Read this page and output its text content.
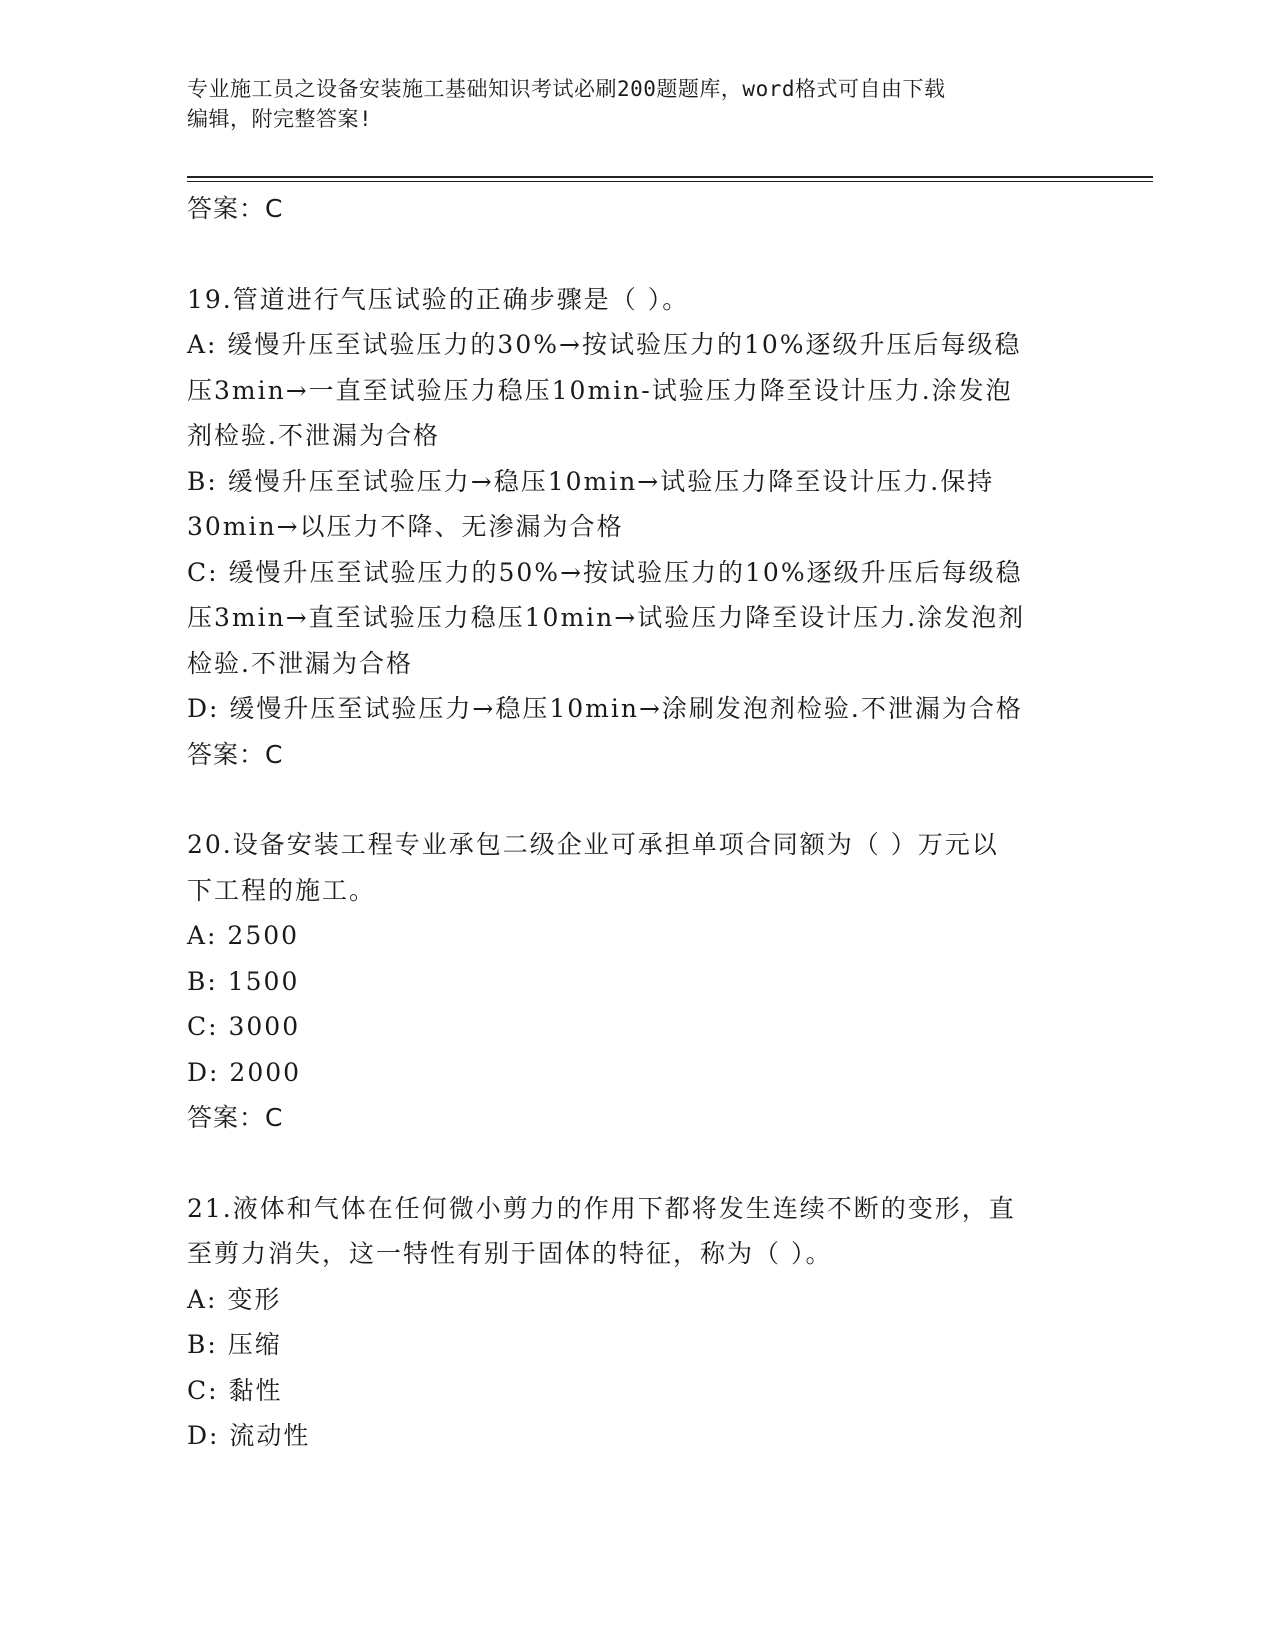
专业施工员之设备安装施工基础知识考试必刷200题题库，word格式可自由下载
编辑，附完整答案!
答案：C
19.管道进行气压试验的正确步骤是（ ）。
A: 缓慢升压至试验压力的30%→按试验压力的10%逐级升压后每级稳
压3min→一直至试验压力稳压10min-试验压力降至设计压力.涂发泡
剂检验.不泄漏为合格
B: 缓慢升压至试验压力→稳压10min→试验压力降至设计压力.保持
30min→以压力不降、无渗漏为合格
C: 缓慢升压至试验压力的50%→按试验压力的10%逐级升压后每级稳
压3min→直至试验压力稳压10min→试验压力降至设计压力.涂发泡剂
检验.不泄漏为合格
D: 缓慢升压至试验压力→稳压10min→涂刷发泡剂检验.不泄漏为合格
答案：C
20.设备安装工程专业承包二级企业可承担单项合同额为（ ）万元以
下工程的施工。
A: 2500
B: 1500
C: 3000
D: 2000
答案：C
21.液体和气体在任何微小剪力的作用下都将发生连续不断的变形，直
至剪力消失，这一特性有别于固体的特征，称为（ ）。
A: 变形
B: 压缩
C: 黏性
D: 流动性
